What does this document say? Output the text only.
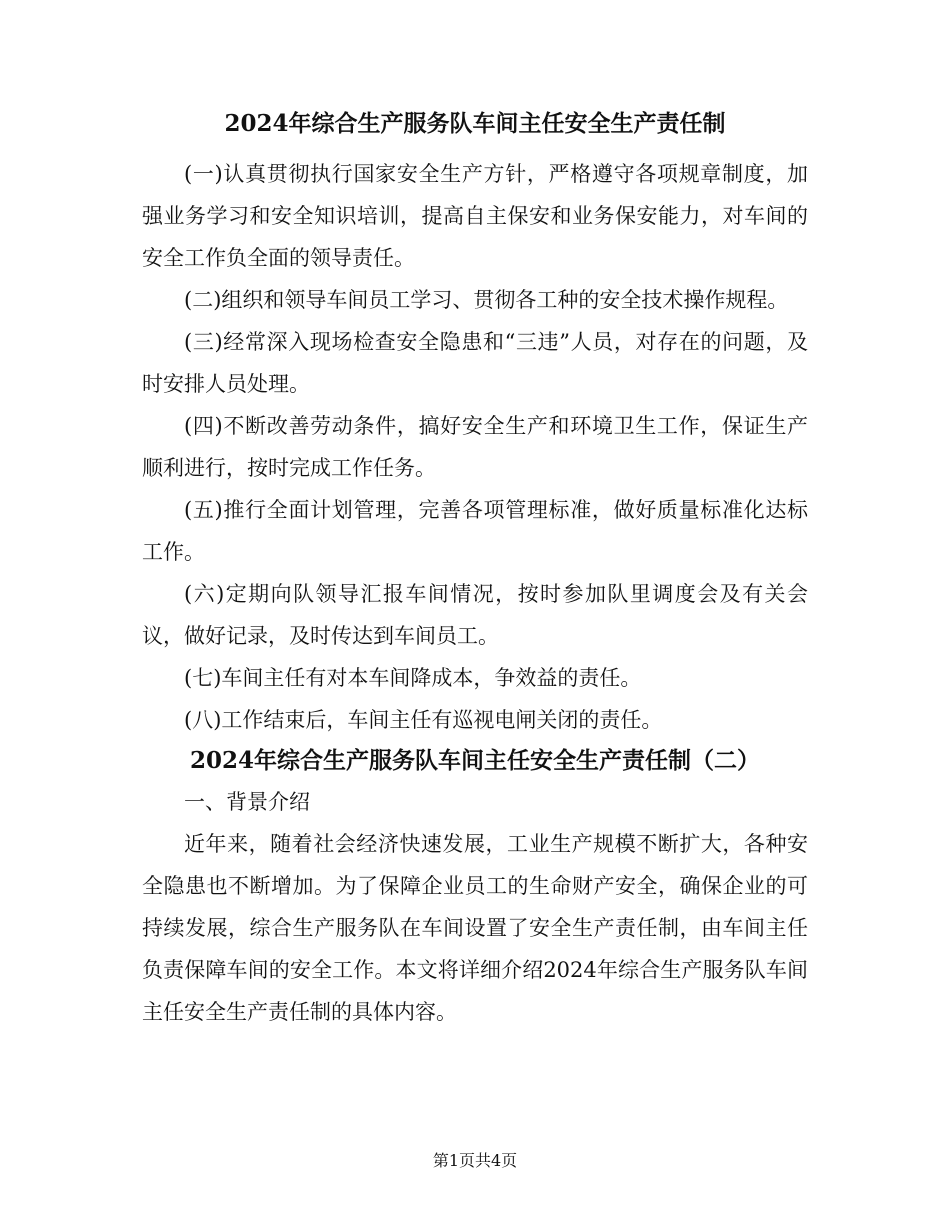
2024年综合生产服务队车间主任安全生产责任制

(一)认真贯彻执行国家安全生产方针，严格遵守各项规章制度，加强业务学习和安全知识培训，提高自主保安和业务保安能力，对车间的安全工作负全面的领导责任。

(二)组织和领导车间员工学习、贯彻各工种的安全技术操作规程。

(三)经常深入现场检查安全隐患和“三违”人员，对存在的问题，及时安排人员处理。

(四)不断改善劳动条件，搞好安全生产和环境卫生工作，保证生产顺利进行，按时完成工作任务。

(五)推行全面计划管理，完善各项管理标准，做好质量标准化达标工作。

(六)定期向队领导汇报车间情况，按时参加队里调度会及有关会议，做好记录，及时传达到车间员工。

(七)车间主任有对本车间降成本，争效益的责任。

(八)工作结束后，车间主任有巡视电闸关闭的责任。

2024年综合生产服务队车间主任安全生产责任制（二）

一、背景介绍

近年来，随着社会经济快速发展，工业生产规模不断扩大，各种安全隐患也不断增加。为了保障企业员工的生命财产安全，确保企业的可持续发展，综合生产服务队在车间设置了安全生产责任制，由车间主任负责保障车间的安全工作。本文将详细介绍2024年综合生产服务队车间主任安全生产责任制的具体内容。

第1页共4页
